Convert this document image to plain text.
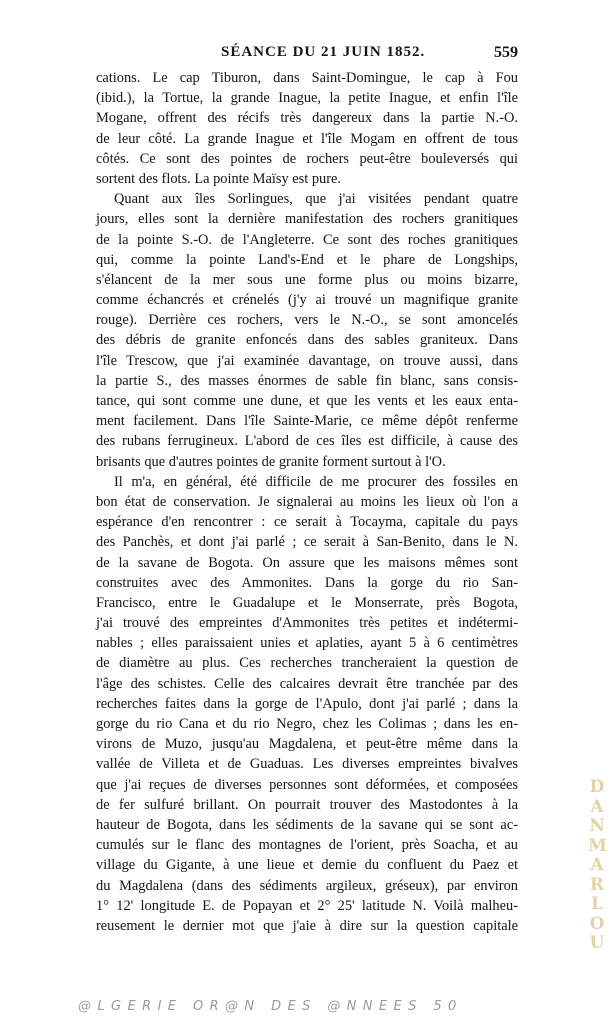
SÉANCE DU 21 JUIN 1852.	559
cations. Le cap Tiburon, dans Saint-Domingue, le cap à Fou
(ibid.), la Tortue, la grande Inague, la petite Inague, et enfin l'île
Mogane, offrent des récifs très dangereux dans la partie N.-O.
de leur côté. La grande Inague et l'île Mogam en offrent de tous
côtés. Ce sont des pointes de rochers peut-être bouleversés qui
sortent des flots. La pointe Maïsy est pure.
Quant aux îles Sorlingues, que j'ai visitées pendant quatre
jours, elles sont la dernière manifestation des rochers granitiques
de la pointe S.-O. de l'Angleterre. Ce sont des roches granitiques
qui, comme la pointe Land's-End et le phare de Longships,
s'élancent de la mer sous une forme plus ou moins bizarre,
comme échancrés et crénelés (j'y ai trouvé un magnifique granite
rouge). Derrière ces rochers, vers le N.-O., se sont amoncelés
des débris de granite enfoncés dans des sables graniteux. Dans
l'île Trescow, que j'ai examinée davantage, on trouve aussi, dans
la partie S., des masses énormes de sable fin blanc, sans consis-
tance, qui sont comme une dune, et que les vents et les eaux enta-
ment facilement. Dans l'île Sainte-Marie, ce même dépôt renferme
des rubans ferrugineux. L'abord de ces îles est difficile, à cause des
brisants que d'autres pointes de granite forment surtout à l'O.
Il m'a, en général, été difficile de me procurer des fossiles en
bon état de conservation. Je signalerai au moins les lieux où l'on a
espérance d'en rencontrer : ce serait à Tocayma, capitale du pays
des Panchès, et dont j'ai parlé ; ce serait à San-Benito, dans le N.
de la savane de Bogota. On assure que les maisons mêmes sont
construites avec des Ammonites. Dans la gorge du rio San-
Francisco, entre le Guadalupe et le Monserrate, près Bogota,
j'ai trouvé des empreintes d'Ammonites très petites et indétermi-
nables ; elles paraissaient unies et aplaties, ayant 5 à 6 centimètres
de diamètre au plus. Ces recherches trancheraient la question de
l'âge des schistes. Celle des calcaires devrait être tranchée par des
recherches faites dans la gorge de l'Apulo, dont j'ai parlé ; dans la
gorge du rio Cana et du rio Negro, chez les Colimas ; dans les en-
virons de Muzo, jusqu'au Magdalena, et peut-être même dans la
vallée de Villeta et de Guaduas. Les diverses empreintes bivalves
que j'ai reçues de diverses personnes sont déformées, et composées
de fer sulfuré brillant. On pourrait trouver des Mastodontes à la
hauteur de Bogota, dans les sédiments de la savane qui se sont ac-
cumulés sur le flanc des montagnes de l'orient, près Soacha, et au
village du Gigante, à une lieue et demie du confluent du Paez et
du Magdalena (dans des sédiments argileux, gréseux), par environ
1° 12' longitude E. de Popayan et 2° 25' latitude N. Voilà malheu-
reusement le dernier mot que j'aie à dire sur la question capitale
D
A
N
M
A
R
L
O
U
@LGERIE OR@N DES @NNEES 50
